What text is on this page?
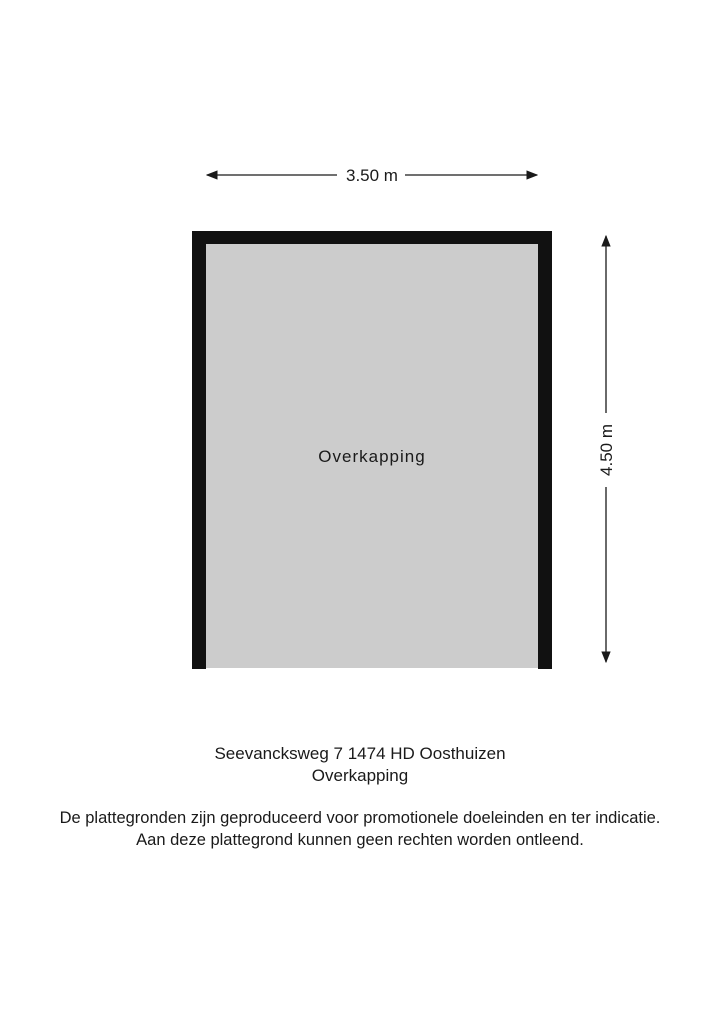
3.50 m
Overkapping	4.50 m
Seevancksweg 7 1474 HD Oosthuizen
Overkapping
De plattegronden zijn geproduceerd voor promotionele doeleinden en ter indicatie.
Aan deze plattegrond kunnen geen rechten worden ontleend.
